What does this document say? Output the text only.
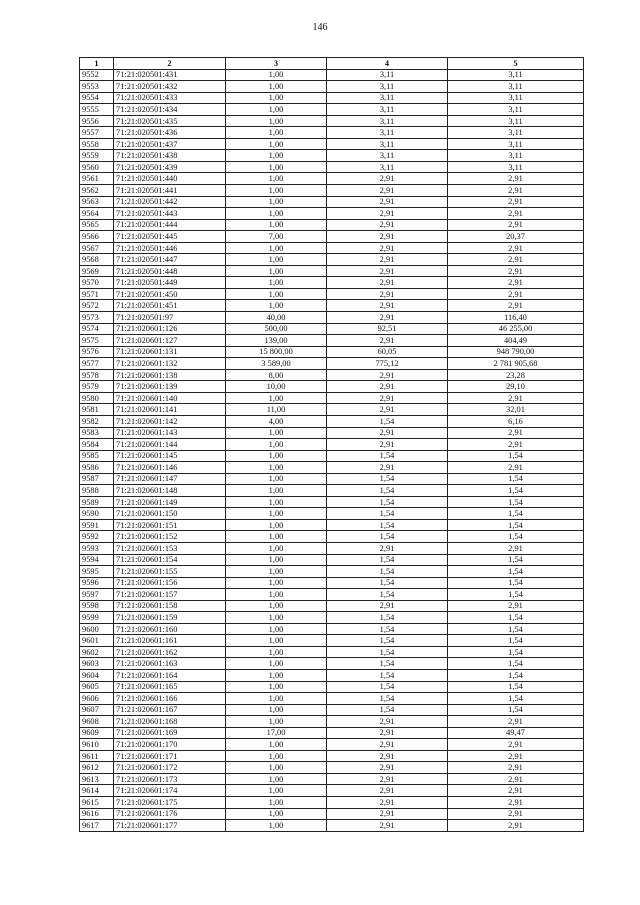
146
1	2	3	4	5
9552	71:21:020501:431	1,00	3,11	3,11
9553	71:21:020501:432	1,00	3,11	3,11
9554	71:21:020501:433	1,00	3,11	3,11
9555	71:21:020501:434	1,00	3,11	3,11
9556	71:21:020501:435	1,00	3,11	3,11
9557	71:21:020501:436	1,00	3,11	3,11
9558	71:21:020501:437	1,00	3,11	3,11
9559	71:21:020501:438	1,00	3,11	3,11
9560	71:21:020501:439	1,00	3,11	3,11
9561	71:21:020501:440	1,00	2,91	2,91
9562	71:21:020501:441	1,00	2,91	2,91
9563	71:21:020501:442	1,00	2,91	2,91
9564	71:21:020501:443	1,00	2,91	2,91
9565	71:21:020501:444	1,00	2,91	2,91
9566	71:21:020501:445	7,00	2,91	20,37
9567	71:21:020501:446	1,00	2,91	2,91
9568	71:21:020501:447	1,00	2,91	2,91
9569	71:21:020501:448	1,00	2,91	2,91
9570	71:21:020501:449	1,00	2,91	2,91
9571	71:21:020501:450	1,00	2,91	2,91
9572	71:21:020501:451	1,00	2,91	2,91
9573	71:21:020501:97	40,00	2,91	116,40
9574	71:21:020601:126	500,00	92,51	46 255,00
9575	71:21:020601:127	139,00	2,91	404,49
9576	71:21:020601:131	15 800,00	60,05	948 790,00
9577	71:21:020601:132	3 589,00	775,12	2 781 905,68
9578	71:21:020601:138	8,00	2,91	23,28
9579	71:21:020601:139	10,00	2,91	29,10
9580	71:21:020601:140	1,00	2,91	2,91
9581	71:21:020601:141	11,00	2,91	32,01
9582	71:21:020601:142	4,00	1,54	6,16
9583	71:21:020601:143	1,00	2,91	2,91
9584	71:21:020601:144	1,00	2,91	2,91
9585	71:21:020601:145	1,00	1,54	1,54
9586	71:21:020601:146	1,00	2,91	2,91
9587	71:21:020601:147	1,00	1,54	1,54
9588	71:21:020601:148	1,00	1,54	1,54
9589	71:21:020601:149	1,00	1,54	1,54
9590	71:21:020601:150	1,00	1,54	1,54
9591	71:21:020601:151	1,00	1,54	1,54
9592	71:21:020601:152	1,00	1,54	1,54
9593	71:21:020601:153	1,00	2,91	2,91
9594	71:21:020601:154	1,00	1,54	1,54
9595	71:21:020601:155	1,00	1,54	1,54
9596	71:21:020601:156	1,00	1,54	1,54
9597	71:21:020601:157	1,00	1,54	1,54
9598	71:21:020601:158	1,00	2,91	2,91
9599	71:21:020601:159	1,00	1,54	1,54
9600	71:21:020601:160	1,00	1,54	1,54
9601	71:21:020601:161	1,00	1,54	1,54
9602	71:21:020601:162	1,00	1,54	1,54
9603	71:21:020601:163	1,00	1,54	1,54
9604	71:21:020601:164	1,00	1,54	1,54
9605	71:21:020601:165	1,00	1,54	1,54
9606	71:21:020601:166	1,00	1,54	1,54
9607	71:21:020601:167	1,00	1,54	1,54
9608	71:21:020601:168	1,00	2,91	2,91
9609	71:21:020601:169	17,00	2,91	49,47
9610	71:21:020601:170	1,00	2,91	2,91
9611	71:21:020601:171	1,00	2,91	2,91
9612	71:21:020601:172	1,00	2,91	2,91
9613	71:21:020601:173	1,00	2,91	2,91
9614	71:21:020601:174	1,00	2,91	2,91
9615	71:21:020601:175	1,00	2,91	2,91
9616	71:21:020601:176	1,00	2,91	2,91
9617	71:21:020601:177	1,00	2,91	2,91
